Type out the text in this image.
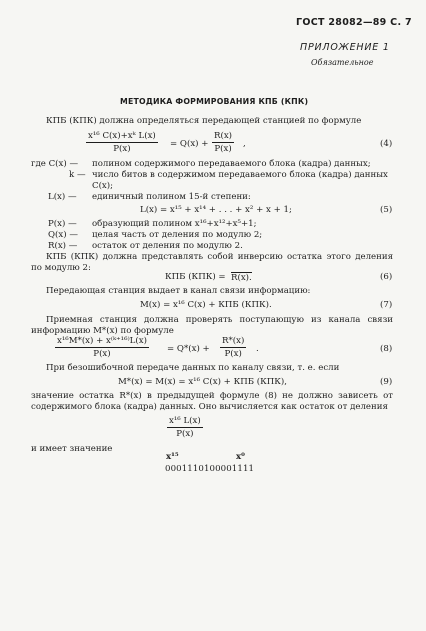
ГОСТ 28082—89 С. 7
ПРИЛОЖЕНИЕ 1
Обязательное
МЕТОДИКА ФОРМИРОВАНИЯ КПБ (КПК)
КПБ (КПК) должна определяться передающей станцией по формуле
$\frac{\text{x¹⁶ C(x)+xᵏ L(x)}}{P(x)} = Q(x) + \frac{R(x)}{P(x)}$ ,	(4)
где C(x) — полином содержимого передаваемого блока (кадра) данных;
k — число битов в содержимом передаваемого блока (кадра) данных
C(x);
L(x) — единичный полином 15-й степени:
L(x) = x¹⁵ + x¹⁴ + . . . + x² + x + 1;	(5)
P(x) — образующий полином x¹⁶+x¹²+x⁵+1;
Q(x) — целая часть от деления по модулю 2;
R(x) — остаток от деления по модулю 2.
КПБ (КПК) должна представлять собой инверсию остатка этого деления по модулю 2:
КПБ (КПК) = R(x).	(6)
Передающая станция выдает в канал связи информацию:
M(x) = x¹⁶ C(x) + КПБ (КПК).	(7)
Приемная станция должна проверять поступающую из канала связи информацию M*(x) по формуле
$\frac{\text{x¹⁶M*(x) + x⁽ᵏ⁺¹⁶⁾L(x)}}{P(x)} = Q*(x) + \frac{R*(x)}{P(x)}$ .	(8)
При безошибочной передаче данных по каналу связи, т. е. если
M*(x) = M(x) = x¹⁶ C(x) + КПБ (КПК),	(9)
значение остатка R*(x) в предыдущей формуле (8) не должно зависеть от содержимого блока (кадра) данных. Оно вычисляется как остаток от деления
$\frac{\text{x¹⁶ L(x)}}{P(x)}$
и имеет значение
x¹⁵	x⁰
0001110100001111
